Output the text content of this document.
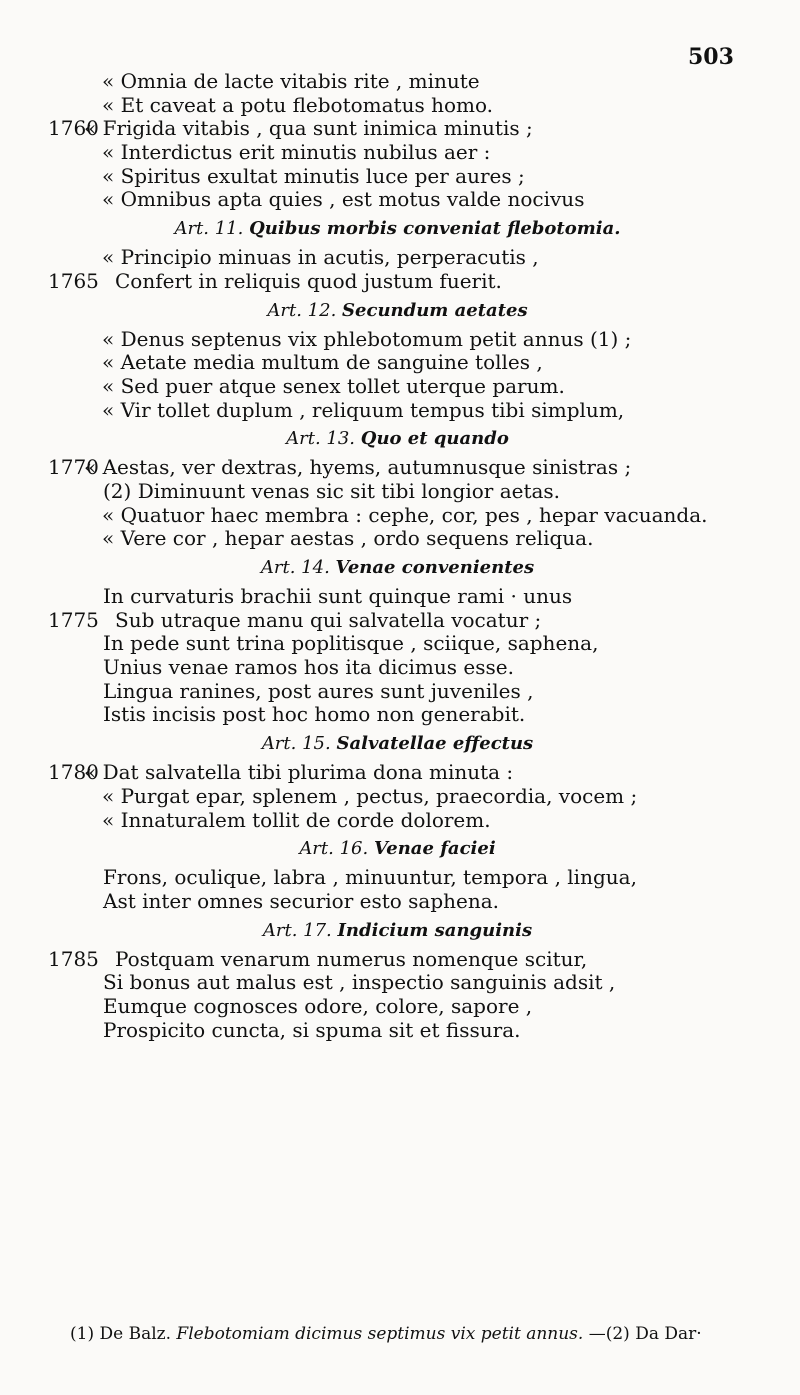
503
« Omnia de lacte vitabis rite , minute
« Et caveat a potu flebotomatus homo.
1760
« Frigida vitabis , qua sunt inimica minutis ;
« Interdictus erit minutis nubilus aer :
« Spiritus exultat minutis luce per aures ;
« Omnibus apta quies , est motus valde nocivus
Art. 11. Quibus morbis conveniat flebotomia.
« Principio minuas in acutis, perperacutis ,
1765 Confert in reliquis quod justum fuerit.
Art. 12. Secundum aetates
« Denus septenus vix phlebotomum petit annus (1) ;
« Aetate media multum de sanguine tolles ,
« Sed puer atque senex tollet uterque parum.
« Vir tollet duplum , reliquum tempus tibi simplum,
Art. 13. Quo et quando
1770
« Aestas, ver dextras, hyems, autumnusque sinistras ;
(2) Diminuunt venas sic sit tibi longior aetas.
« Quatuor haec membra : cephe, cor, pes , hepar vacuanda.
« Vere cor , hepar aestas , ordo sequens reliqua.
Art. 14. Venae convenientes
In curvaturis brachii sunt quinque rami · unus
1775 Sub utraque manu qui salvatella vocatur ;
In pede sunt trina poplitisque , sciique, saphena,
Unius venae ramos hos ita dicimus esse.
Lingua ranines, post aures sunt juveniles ,
Istis incisis post hoc homo non generabit.
Art. 15. Salvatellae effectus
1780
« Dat salvatella tibi plurima dona minuta :
« Purgat epar, splenem , pectus, praecordia, vocem ;
« Innaturalem tollit de corde dolorem.
Art. 16. Venae faciei
Frons, oculique, labra , minuuntur, tempora , lingua,
Ast inter omnes securior esto saphena.
Art. 17. Indicium sanguinis
1785 Postquam venarum numerus nomenque scitur,
Si bonus aut malus est , inspectio sanguinis adsit ,
Eumque cognosces odore, colore, sapore ,
Prospicito cuncta, si spuma sit et fissura.
(1) De Balz. Flebotomiam dicimus septimus vix petit annus. —(2) Da Dar·
